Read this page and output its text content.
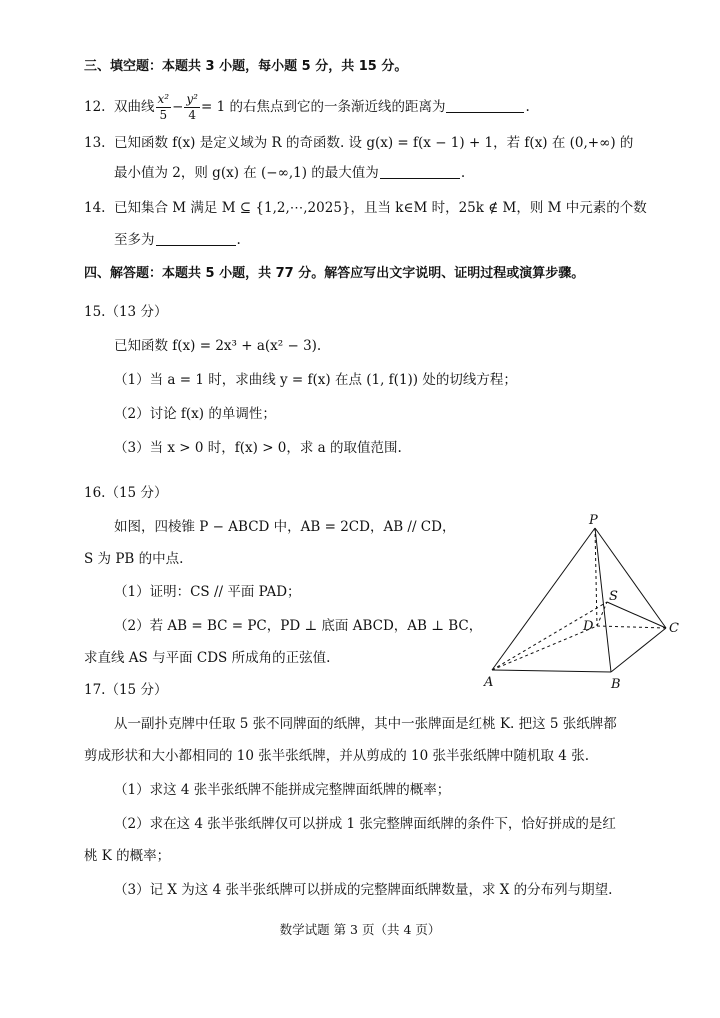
三、填空题：本题共 3 小题，每小题 5 分，共 15 分。
12. 双曲线 $\frac{\text{x²}}{5} - \frac{\text{y²}}{4} = 1$ 的右焦点到它的一条渐近线的距离为	.
13. 已知函数 f(x) 是定义域为 R 的奇函数. 设 g(x) = f(x − 1) + 1，若 f(x) 在 (0,+∞) 的
最小值为 2，则 g(x) 在 (−∞,1) 的最大值为	.
14. 已知集合 M 满足 M ⊆ {1,2,⋯,2025}，且当 k∈M 时，25k ∉ M，则 M 中元素的个数
至多为	.
四、解答题：本题共 5 小题，共 77 分。解答应写出文字说明、证明过程或演算步骤。
15.（13 分）
已知函数 f(x) = 2x³ + a(x² − 3).
（1）当 a = 1 时，求曲线 y = f(x) 在点 (1, f(1)) 处的切线方程；
（2）讨论 f(x) 的单调性；
（3）当 x > 0 时，f(x) > 0，求 a 的取值范围.
16.（15 分）
如图，四棱锥 P − ABCD 中，AB = 2CD，AB // CD，
S 为 PB 的中点.
（1）证明：CS // 平面 PAD；
（2）若 AB = BC = PC，PD ⊥ 底面 ABCD，AB ⊥ BC，
求直线 AS 与平面 CDS 所成角的正弦值.
P
S
D	C
A	B
17.（15 分）
从一副扑克牌中任取 5 张不同牌面的纸牌，其中一张牌面是红桃 K. 把这 5 张纸牌都
剪成形状和大小都相同的 10 张半张纸牌，并从剪成的 10 张半张纸牌中随机取 4 张.
（1）求这 4 张半张纸牌不能拼成完整牌面纸牌的概率；
（2）求在这 4 张半张纸牌仅可以拼成 1 张完整牌面纸牌的条件下，恰好拼成的是红
桃 K 的概率；
（3）记 X 为这 4 张半张纸牌可以拼成的完整牌面纸牌数量，求 X 的分布列与期望.
数学试题 第 3 页（共 4 页）
